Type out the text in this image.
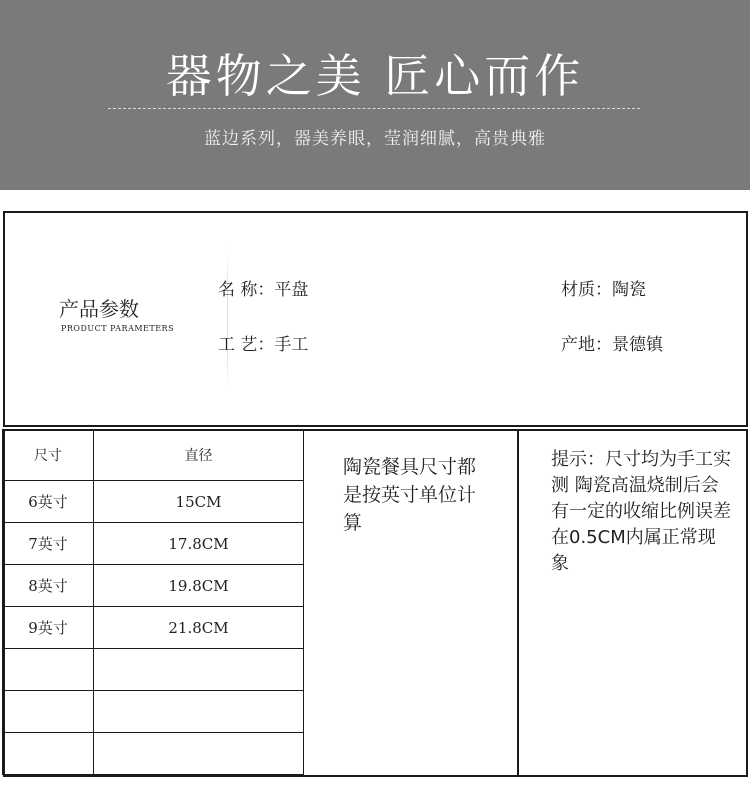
器物之美 匠心而作
蓝边系列，器美养眼，莹润细腻，高贵典雅
产品参数
PRODUCT PARAMETERS
名 称：平盘
工 艺：手工
材质：陶瓷
产地：景德镇
尺寸	直径
6英寸	15CM
7英寸	17.8CM
8英寸	19.8CM
9英寸	21.8CM

陶瓷餐具尺寸都是按英寸单位计算
提示：尺寸均为手工实测 陶瓷高温烧制后会有一定的收缩比例误差在0.5CM内属正常现象
